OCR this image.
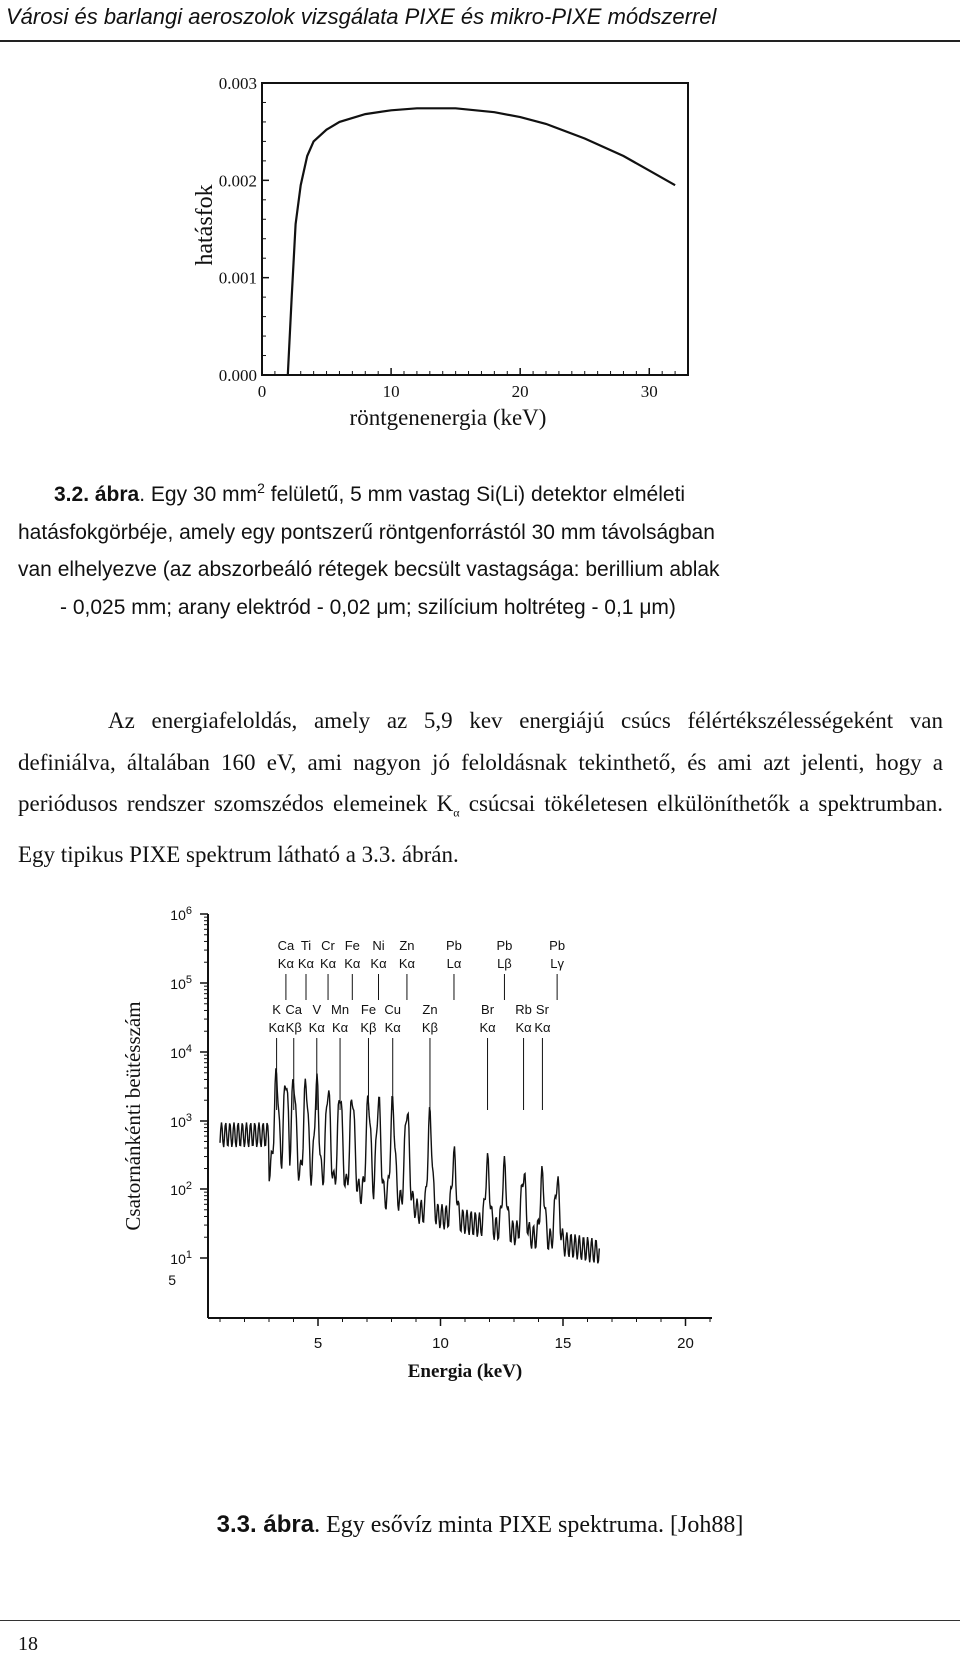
Városi és barlangi aeroszolok vizsgálata PIXE és mikro-PIXE módszerrel
0.000
0.001
0.002
0.003
0	10	20	30
röntgenenergia (keV)
hatásfok
3.2. ábra. Egy 30 $mm^2$ felületű, 5 mm vastag Si(Li) detektor elméleti
hatásfokgörbéje, amely egy pontszerű röntgenforrástól 30 mm távolságban
van elhelyezve (az abszorbeáló rétegek becsült vastagsága: berillium ablak
- 0,025 mm; arany elektród - 0,02 μm; szilícium holtréteg - 0,1 μm)
Az energiafeloldás, amely az 5,9 kev energiájú csúcs félértékszélességeként van definiálva, általában 160 eV, ami nagyon jó feloldásnak tekinthető, és ami azt jelenti, hogy a periódusos rendszer szomszédos elemeinek $K_\alpha$ csúcsai tökéletesen elkülöníthetők a spektrumban. Egy tipikus PIXE spektrum látható a 3.3. ábrán.
$10^6$
$10^5$
$10^4$
$10^3$
$10^2$
$10^1$
5
5	10	15	20
Ca
Kα
Ti
Kα
Cr
Kα
Fe
Kα
Ni
Kα
Zn
Kα
Pb
Lα
Pb
Lβ
Pb
Lγ
K
Kα
Ca
Kβ
V
Kα
Mn
Kα
Fe
Kβ
Cu
Kα
Zn
Kβ
Br
Kα
Rb
Kα
Sr
Kα
Energia (keV)
Csatornánkénti beütésszám
3.3. ábra. Egy esővíz minta PIXE spektruma. [Joh88]
18
